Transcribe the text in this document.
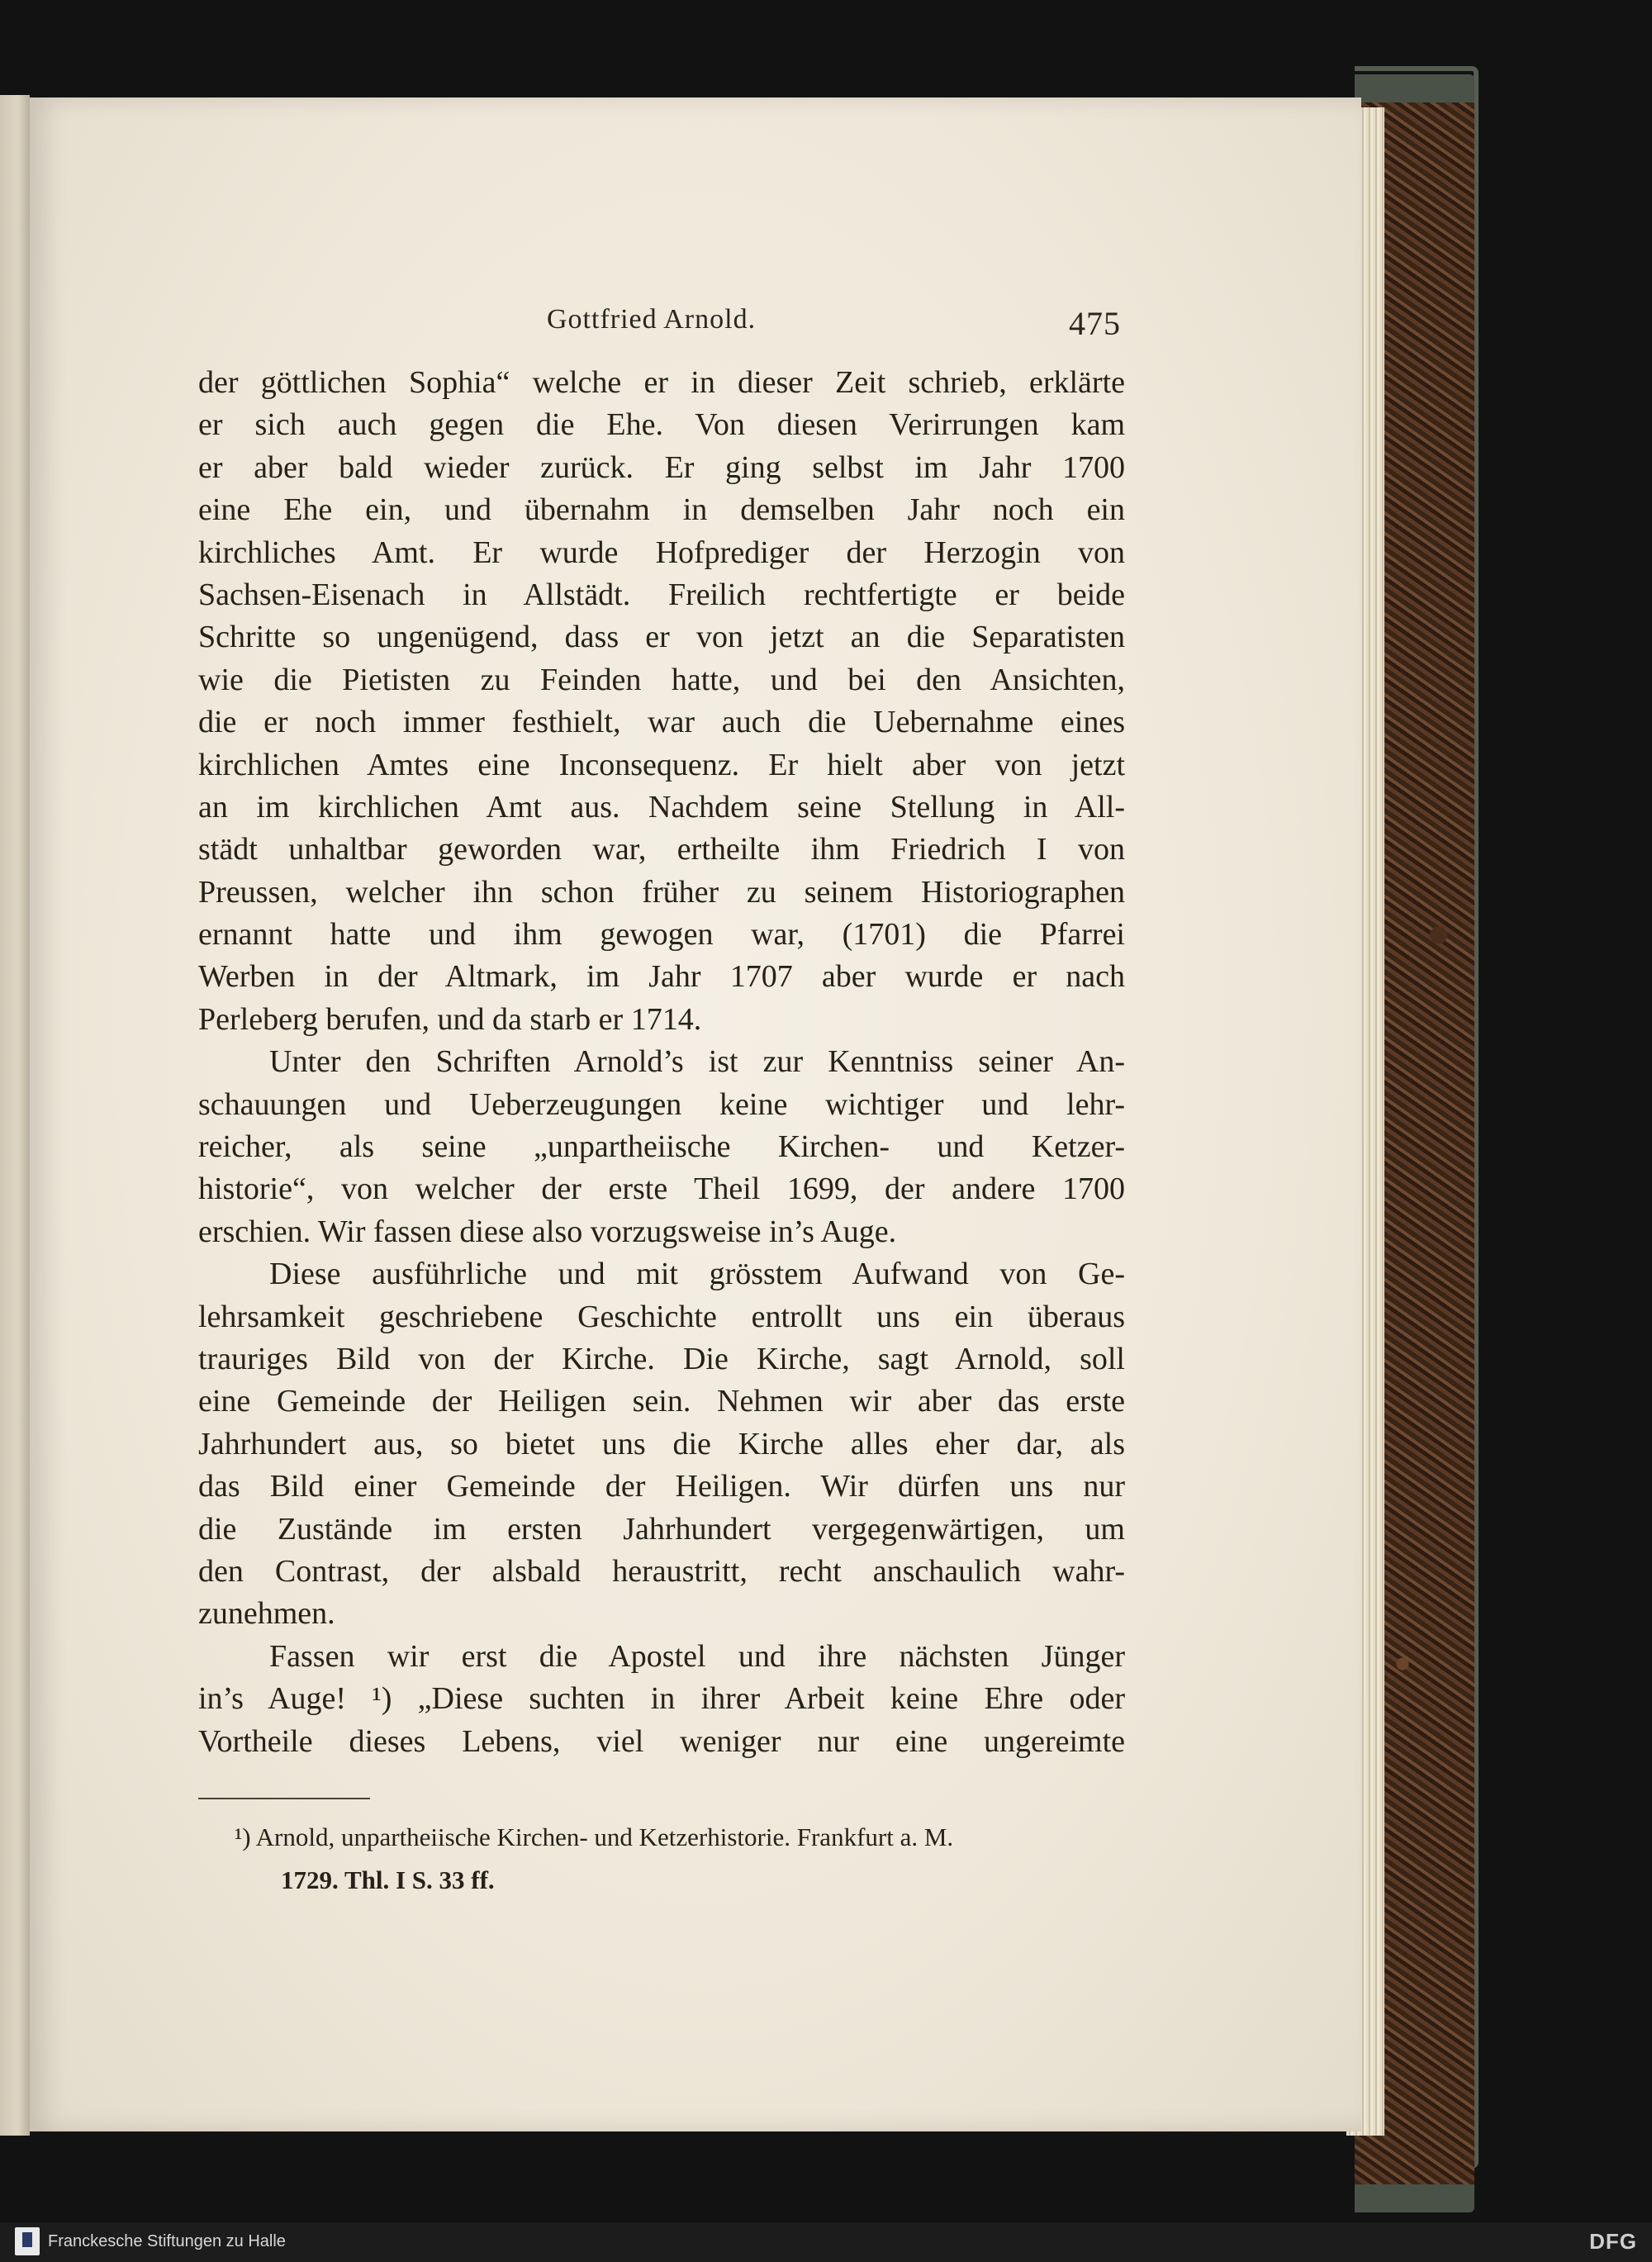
Gottfried Arnold.	475
der göttlichen Sophia“ welche er in dieser Zeit schrieb, erklärte
er sich auch gegen die Ehe. Von diesen Verirrungen kam
er aber bald wieder zurück. Er ging selbst im Jahr 1700
eine Ehe ein, und übernahm in demselben Jahr noch ein
kirchliches Amt. Er wurde Hofprediger der Herzogin von
Sachsen-Eisenach in Allstädt. Freilich rechtfertigte er beide
Schritte so ungenügend, dass er von jetzt an die Separatisten
wie die Pietisten zu Feinden hatte, und bei den Ansichten,
die er noch immer festhielt, war auch die Uebernahme eines
kirchlichen Amtes eine Inconsequenz. Er hielt aber von jetzt
an im kirchlichen Amt aus. Nachdem seine Stellung in All-
städt unhaltbar geworden war, ertheilte ihm Friedrich I von
Preussen, welcher ihn schon früher zu seinem Historiographen
ernannt hatte und ihm gewogen war, (1701) die Pfarrei
Werben in der Altmark, im Jahr 1707 aber wurde er nach
Perleberg berufen, und da starb er 1714.
Unter den Schriften Arnold’s ist zur Kenntniss seiner An-
schauungen und Ueberzeugungen keine wichtiger und lehr-
reicher, als seine „unpartheiische Kirchen- und Ketzer-
historie“, von welcher der erste Theil 1699, der andere 1700
erschien. Wir fassen diese also vorzugsweise in’s Auge.
Diese ausführliche und mit grösstem Aufwand von Ge-
lehrsamkeit geschriebene Geschichte entrollt uns ein überaus
trauriges Bild von der Kirche. Die Kirche, sagt Arnold, soll
eine Gemeinde der Heiligen sein. Nehmen wir aber das erste
Jahrhundert aus, so bietet uns die Kirche alles eher dar, als
das Bild einer Gemeinde der Heiligen. Wir dürfen uns nur
die Zustände im ersten Jahrhundert vergegenwärtigen, um
den Contrast, der alsbald heraustritt, recht anschaulich wahr-
zunehmen.
Fassen wir erst die Apostel und ihre nächsten Jünger
in’s Auge! ¹) „Diese suchten in ihrer Arbeit keine Ehre oder
Vortheile dieses Lebens, viel weniger nur eine ungereimte
¹) Arnold, unpartheiische Kirchen- und Ketzerhistorie. Frankfurt a. M.
1729. Thl. I S. 33 ff.
Franckesche Stiftungen zu Halle	DFG
